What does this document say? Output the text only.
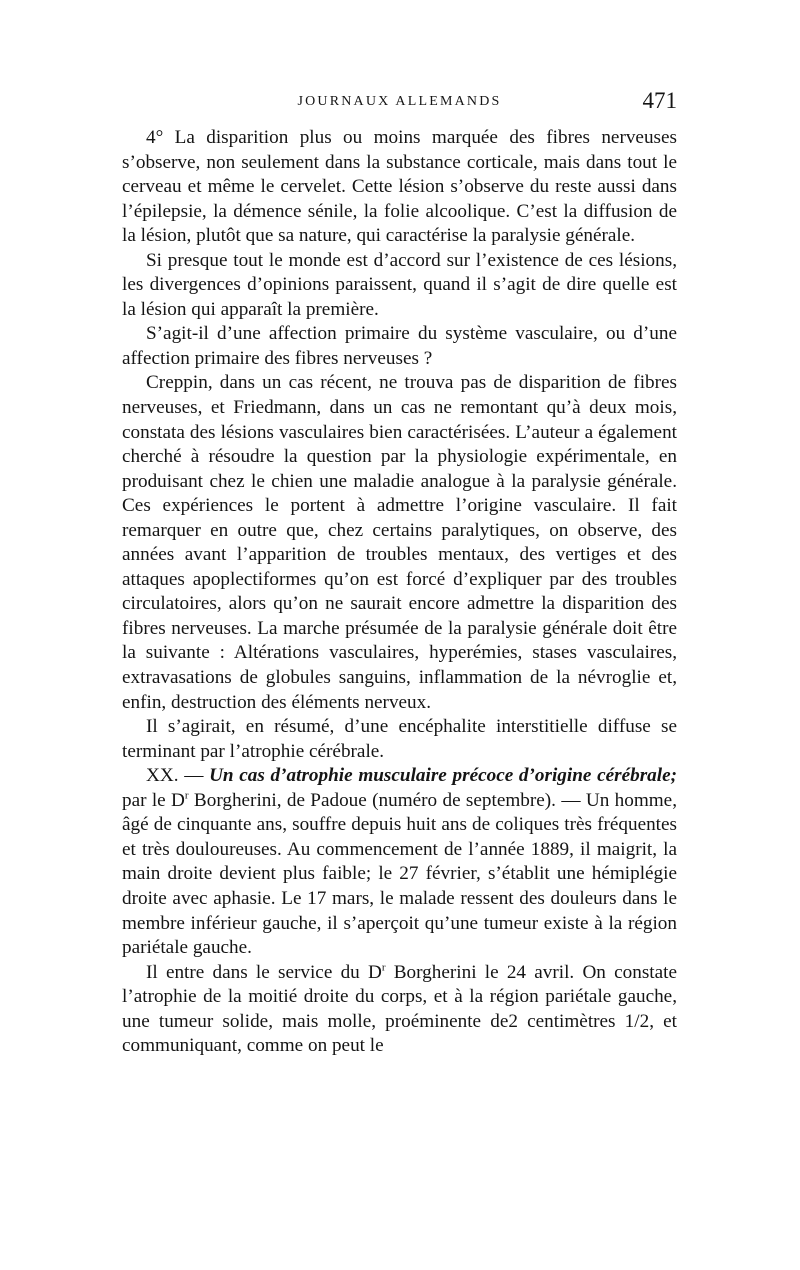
JOURNAUX ALLEMANDS	471

4° La disparition plus ou moins marquée des fibres nerveuses s’observe, non seulement dans la substance corticale, mais dans tout le cerveau et même le cervelet. Cette lésion s’observe du reste aussi dans l’épilepsie, la démence sénile, la folie alcoolique. C’est la diffusion de la lésion, plutôt que sa nature, qui caractérise la paralysie générale.

Si presque tout le monde est d’accord sur l’existence de ces lésions, les divergences d’opinions paraissent, quand il s’agit de dire quelle est la lésion qui apparaît la première.

S’agit-il d’une affection primaire du système vasculaire, ou d’une affection primaire des fibres nerveuses ?

Creppin, dans un cas récent, ne trouva pas de disparition de fibres nerveuses, et Friedmann, dans un cas ne remontant qu’à deux mois, constata des lésions vasculaires bien caractérisées. L’auteur a également cherché à résoudre la question par la physiologie expérimentale, en produisant chez le chien une maladie analogue à la paralysie générale. Ces expériences le portent à admettre l’origine vasculaire. Il fait remarquer en outre que, chez certains paralytiques, on observe, des années avant l’apparition de troubles mentaux, des vertiges et des attaques apoplectiformes qu’on est forcé d’expliquer par des troubles circulatoires, alors qu’on ne saurait encore admettre la disparition des fibres nerveuses. La marche présumée de la paralysie générale doit être la suivante : Altérations vasculaires, hyperémies, stases vasculaires, extravasations de globules sanguins, inflammation de la névroglie et, enfin, destruction des éléments nerveux.

Il s’agirait, en résumé, d’une encéphalite interstitielle diffuse se terminant par l’atrophie cérébrale.

XX. — Un cas d’atrophie musculaire précoce d’origine cérébrale; par le $D^r$ Borgherini, de Padoue (numéro de septembre). — Un homme, âgé de cinquante ans, souffre depuis huit ans de coliques très fréquentes et très douloureuses. Au commencement de l’année 1889, il maigrit, la main droite devient plus faible; le 27 février, s’établit une hémiplégie droite avec aphasie. Le 17 mars, le malade ressent des douleurs dans le membre inférieur gauche, il s’aperçoit qu’une tumeur existe à la région pariétale gauche.

Il entre dans le service du $D^r$ Borgherini le 24 avril. On constate l’atrophie de la moitié droite du corps, et à la région pariétale gauche, une tumeur solide, mais molle, proéminente de2 centimètres 1/2, et communiquant, comme on peut le
